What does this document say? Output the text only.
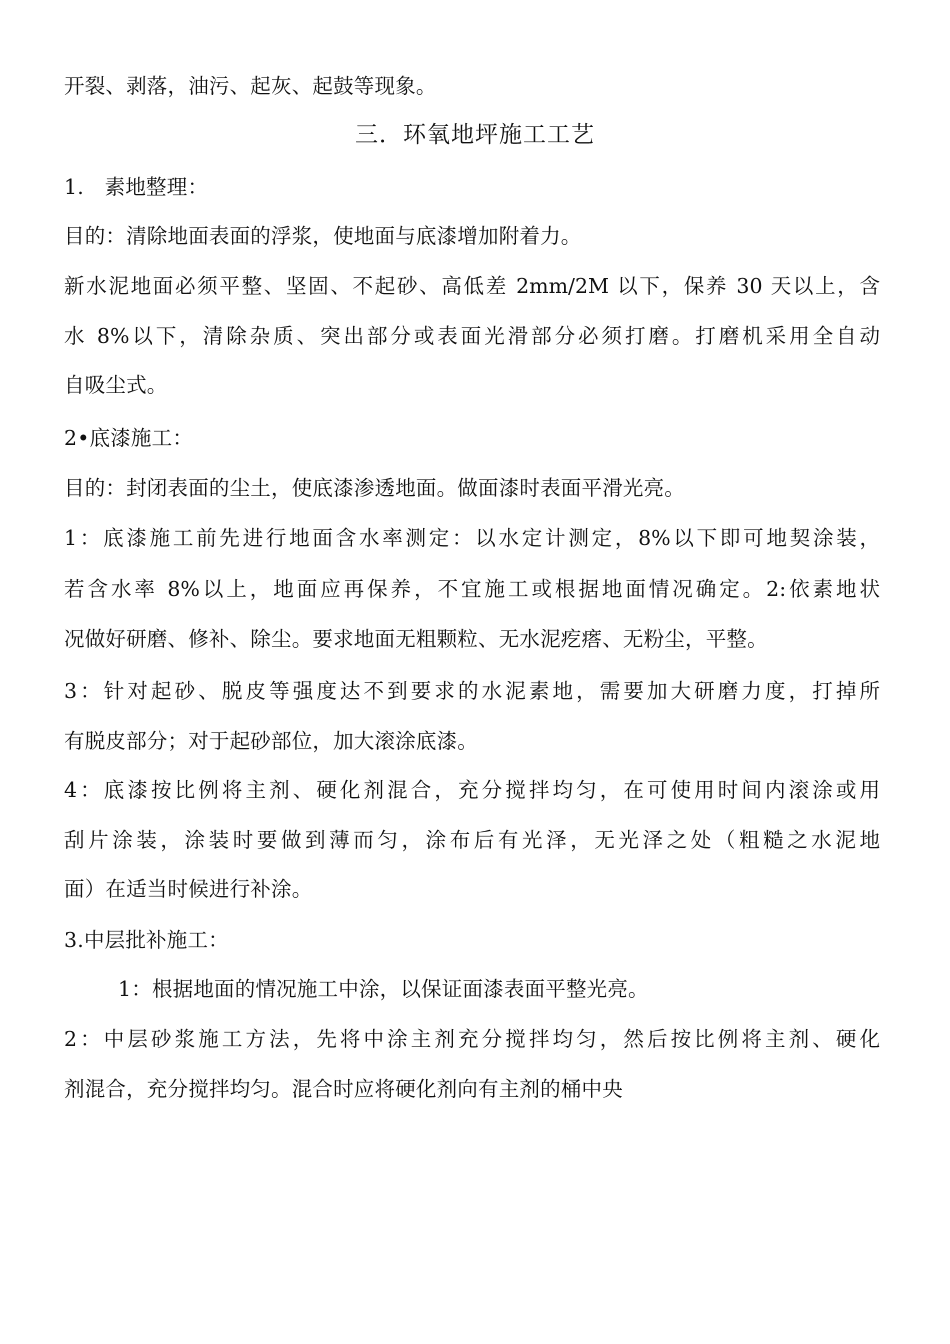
开裂、剥落，油污、起灰、起鼓等现象。
三．环氧地坪施工工艺
1.　素地整理：
目的：清除地面表面的浮浆，使地面与底漆增加附着力。
新水泥地面必须平整、坚固、不起砂、高低差 2mm/2M 以下，保养 30 天以上，含
水 8%以下，清除杂质、突出部分或表面光滑部分必须打磨。打磨机采用全自动
自吸尘式。
2•底漆施工：
目的：封闭表面的尘土，使底漆渗透地面。做面漆时表面平滑光亮。
1：底漆施工前先进行地面含水率测定：以水定计测定，8%以下即可地契涂装，
若含水率 8%以上，地面应再保养，不宜施工或根据地面情况确定。2:依素地状
况做好研磨、修补、除尘。要求地面无粗颗粒、无水泥疙瘩、无粉尘，平整。
3：针对起砂、脱皮等强度达不到要求的水泥素地，需要加大研磨力度，打掉所
有脱皮部分；对于起砂部位，加大滚涂底漆。
4：底漆按比例将主剂、硬化剂混合，充分搅拌均匀，在可使用时间内滚涂或用
刮片涂装，涂装时要做到薄而匀，涂布后有光泽，无光泽之处（粗糙之水泥地
面）在适当时候进行补涂。
3.中层批补施工：
1：根据地面的情况施工中涂，以保证面漆表面平整光亮。
2：中层砂浆施工方法，先将中涂主剂充分搅拌均匀，然后按比例将主剂、硬化
剂混合，充分搅拌均匀。混合时应将硬化剂向有主剂的桶中央
